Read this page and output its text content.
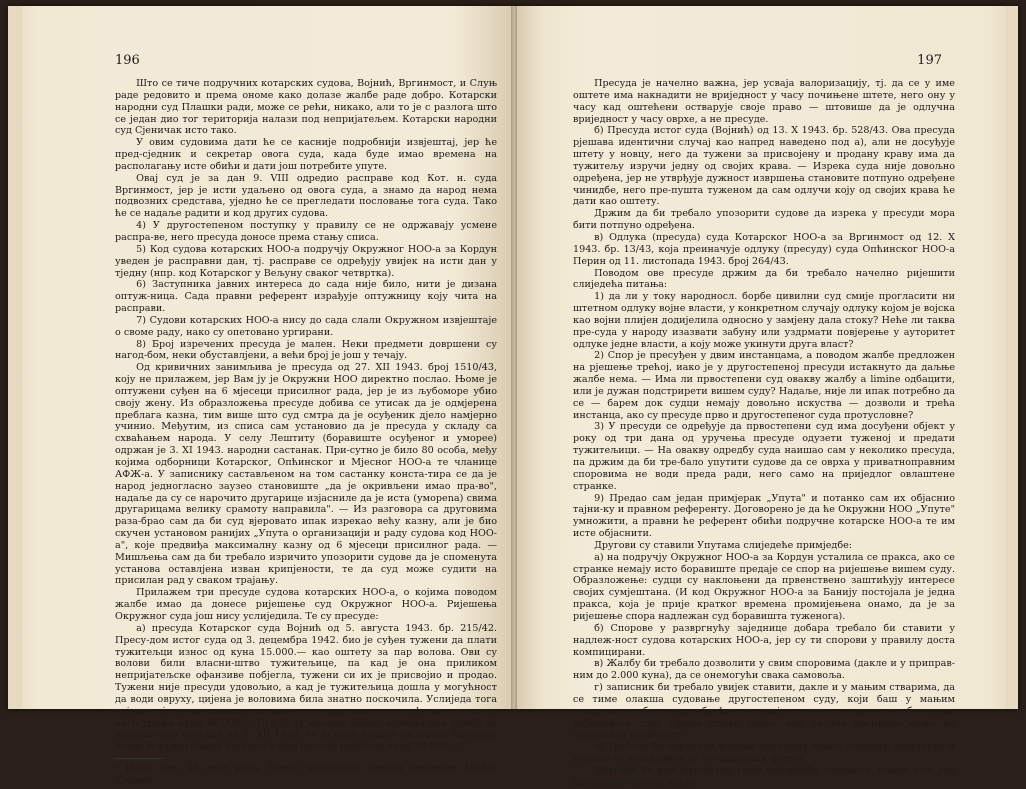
196

Што се тиче подручних котарских судова, Војнић, Вргинмост, и Слуњ раде редовито и према ономе како долазе жалбе раде добро. Котарски народни суд Плашки ради, може се рећи, никако, али то је с разлога што се један дио тог територија налази под непријатељем. Котарски народни суд Сјеничак исто тако.

У овим судовима дати ће се касније подробнији извјештај, јер ће пред-сједник и секретар овога суда, када буде имао времена на располагању исте обићи и дати још потребите упуте.

Овај суд је за дан 9. VIII одредио расправе код Кот. н. суда Вргинмост, јер је исти удаљено од овога суда, а знамо да народ нема подвозних средстава, уједно ће се прегледати пословање тога суда. Тако ће се надаље радити и код других судова.

4) У другостепеном поступку у правилу се не одржавају усмене распра-ве, него пресуда доносе према стању списа.

5) Код судова котарских НОО-а подручју Окружног НОО-а за Кордун уведен је расправни дан, тј. расправе се одређују увијек на исти дан у тједну (нпр. код Котарског у Вељуну сваког четвртка).

6) Заступника јавних интереса до сада није било, нити је дизана оптуж-ница. Сада правни референт израђује оптужницу коју чита на расправи.

7) Судови котарских НОО-а нису до сада слали Окружном извјештаје о своме раду, нако су опетовано ургирани.

8) Број изречених пресуда је мален. Неки предмети довршени су нагод-бом, неки обуставлјени, а већи број је још у течају.

Од кривичних занимљива је пресуда од 27. XII 1943. број 1510/43, коју не прилажем, јер Вам ју је Окружни НОО директно послао. Њоме је оптужени суђен на 6 мјесеци присилног рада, јер је из љубоморе убио своју жену. Из образложења пресуде добива се утисак да је одмјерена преблага казна, тим више што суд смтра да је осуђеник дјело намјерно учинио. Међутим, из списа сам установио да је пресуда у складу са схваћањем народа. У селу Лештиту (боравиште осуђеног и умореe) одржан је 3. XI 1943. народни састанак. При-сутно је било 80 особа, међу којима одборници Котарског, Опћинског и Мјесног НОО-а те чланице АФЖ-а. У записнику састављеном на том састанку конста-тира се да је народ једногласно заузео становиште „да је окривљени имао пра-во", надаље да су се нарочито другарице изјасниле да је иста (умореna) свима другарицама велику срамоту направила". — Из разговора са друговима разa-брао сам да би суд вјеровато ипак изрекао већу казну, али је био скучен установом ранијих „Упута о организацији и раду судова код НОО-а", које предвиђа максималну казну од 6 мјесеци присилног рада. — Мишљења сам да би требало изричито упозорити судове да је споменута установа оставлјена изван крипјености, те да суд може судити на присилан рад у сваком трајању.

Прилажем три пресуде судова котарских НОО-а, о којима поводом жалбе имао да донесе ријешење суд Окружног НОО-а. Ријешења Окружног суда још нису услиједила. Те су пресуде:

а) пресуда Котарског суда Војнић од 5. августа 1943. бр. 215/42. Пресу-дом истог суда од 3. децембра 1942. био је суђен тужени да плати тужитељци износ од куна 15.000.— као оштету за пар волова. Ови су волови били власни-штво тужитељице, па кад је она приликом непријатељске офанзиве побјегла, тужени си их је присвојио и продао. Тужени није пресуди удовољио, а кад је тужитељица дошла у могућност да води овруху, цијена је воловима била знатно поскочила. Услиједа тога изјавила је тужитељица да се више не задовољава са досуђеним износом, него тражи куна 60.000.— Суд је ту њезину изјаву примио као тужбу за преиначење пресуде од 3. XII 1942. те је доно уводно цитирану пресуду, којом је тлжитељици досудио у име оштете износ од куна 30.000.—¹

³ Исто, стр. 26 овог рада. Очито најстарији писани документ НОБ-е Кордун.

197

Пресуда је начелно важна, јер усваја валоризацију, тј. да се у име оштете има накнадити не вриједност у часу почињене штете, него ону у часу кад оштећени оствaрује своје право — штовише да је одлучна вриједност у часу оврхе, а не пресуде.

б) Пресуда истог суда (Војнић) од 13. X 1943. бр. 528/43. Ова пресуда рјешава идентични случај као напред наведено под а), али не досуђује штету у новцу, него да тужени за присвојену и продану краву има да тужитељу изручи једну од својих крава. — Изрека суда није довољно одређена, јер не утврђује дужност извршења становите потпуно одређене чинидбе, него пре-пушта туженом да сам одлучи коју од својих крава ће дати као оштету.

Држим да би требало упозорити судове да изрека у пресуди мора бити потпуно одређена.

в) Одлука (пресуда) суда Котарског НОО-а за Вргинмост од 12. X 1943. бр. 13/43, која преиначује одлуку (пресуду) суда Опћинског НОО-а Перин од 11. листопада 1943. број 264/43.

Поводом ове пресуде држим да би требало начелно ријешити слиједећа питања:

1) да ли у току народноcл. борбе цивилни суд смије прогласити ни штетном одлуку војне власти, у конкретном случају одлуку којом је војска као војни плијен додијелила односно у замјену дала стоку? Неће ли таква пре-суда у народу изазвати забуну или уздрмати повјерење у ауторитет одлуке једне власти, а коју може укинути друга власт?

2) Спор је пресуђен у двим инстанцама, а поводом жалбе предложен на рјешење трећој, иако је у другостепеној пресуди истакнуто да даљње жалбе нема. — Има ли првостепени суд овакву жалбу a limine одбацити, или је дужан подстрирети вишем суду? Надаље, није ли ипак потребно да се — барем док судци немају довољно искуства — дозволи и трећа инстанца, ако су пресуде прво и другостепеног суда протусловне?

3) У пресуди се одређује да првостепени суд има досуђени објект у року од три дана од уручења пресуде одузети туженој и предати тужитељици. — На овакву одредбу суда наишао сам у неколико пресуда, па држим да би тре-бало упутити судове да се оврха у приватноправним споровима не води преда ради, него само на приједлог овлаштене странке.

9) Предао сам један примјерак „Упута" и потанко сам их објаснио тајни-ку и правном референту. Договорено је да ће Окружни НОО „Упуте" умножити, а правни ће референт обићи подручне котарске НОО-а те им исте објаснити.

Другови су ставили Упутама слиједеће примједбе:

а) на подручју Окружног НОО-а за Кордун усталила се пракса, ако се странке немају исто боравиште предаје се спор на ријешење вишем суду. Образложење: судци су наклоњени да првенствено заштићују интересе својих сумјештана. (И код Окружног НОО-а за Банију постојала је једна пракса, која је прије кратког времена промијењена онамо, да је за ријешење спора надлежан суд боравишта туженога).

б) Спорове у развргнућу заједнице добара требало би ставити у надлеж-ност судова котарских НОО-а, јер су ти спорови у правилу доста компицирани.

в) Жалбу би требало дозволити у свим споровима (дакле и у приправ-ним до 2.000 куна), да се онемогући свака самовоља.

г) записник би требало увијек ставити, дакле и у мањим стварима, да се тиме олакша судовање другостепеном суду, који баш у мањим стварима не би морао обрећивати увијек усмене расправе не би морао ријешавати спор према стању списа, ако се ток расправа може из записника разабрати.

д) Требало би одредити вођење матичних књига рођених, вјенчаних и умрлих те установити за то надлежни форум.

Другови ће вам вјеројатно своје примједбе саопћити, након што још детаљније проуче упуте.
